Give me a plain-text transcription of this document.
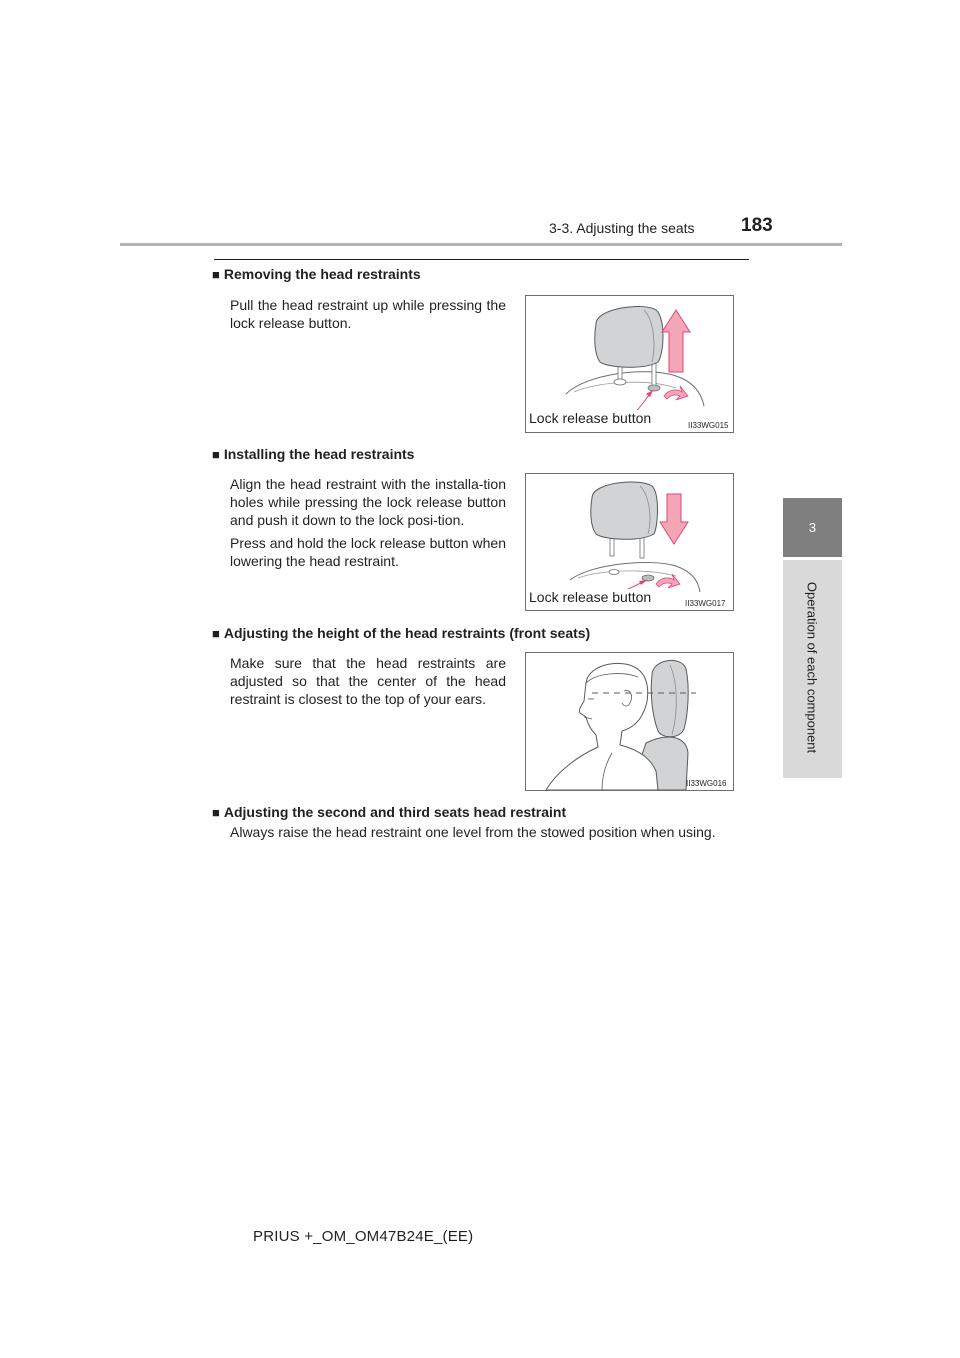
3-3. Adjusting the seats 183
3
Operation of each component
■ Removing the head restraints

Pull the head restraint up while pressing the lock release button.

Lock release button	II33WG015
■ Installing the head restraints

Align the head restraint with the installa-tion holes while pressing the lock release button and push it down to the lock posi-tion.

Press and hold the lock release button when lowering the head restraint.

Lock release button	II33WG017
■ Adjusting the height of the head restraints (front seats)

Make sure that the head restraints are adjusted so that the center of the head restraint is closest to the top of your ears.

II33WG016
■ Adjusting the second and third seats head restraint

Always raise the head restraint one level from the stowed position when using.

PRIUS +_OM_OM47B24E_(EE)
